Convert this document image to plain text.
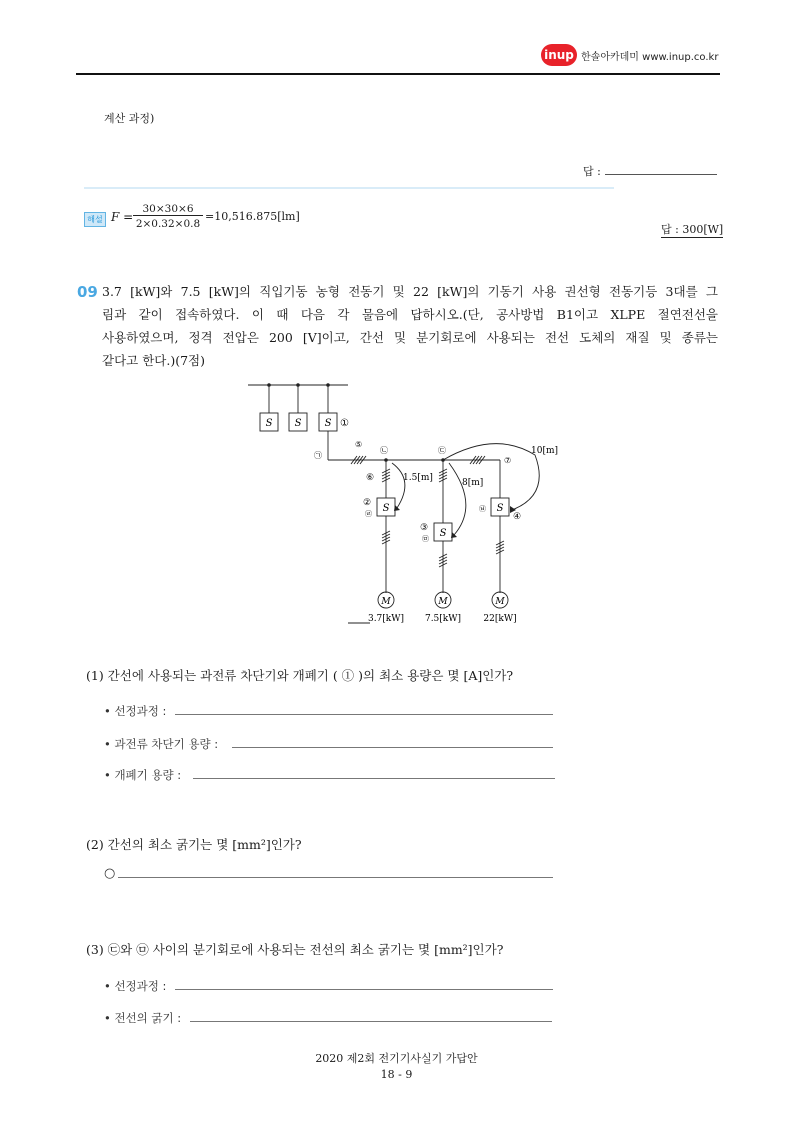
inup 한솔아카데미 www.inup.co.kr
계산 과정)
답 :
해설 F =
30×30×6
2×0.32×0.8
=10,516.875[lm]
답 : 300[W]
09 3.7 [kW]와 7.5 [kW]의 직입기동 농형 전동기 및 22 [kW]의 기동기 사용 권선형 전동기등 3대를 그
림과 같이 접속하였다. 이 때 다음 각 물음에 답하시오.(단, 공사방법 B1이고 XLPE 절연전선을
사용하였으며, 정격 전압은 200 [V]이고, 간선 및 분기회로에 사용되는 전선 도체의 재질 및 종류는
같다고 한다.)(7점)
S S S
S
S
S
M	M	M
3.7[kW] 7.5[kW] 22[kW]
①
②
③
④
⑤
⑥
⑦
㉠
㉡	㉢
㉣
㉤
㉥
1.5[m]	8[m]
10[m]
(1) 간선에 사용되는 과전류 차단기와 개폐기 ( ① )의 최소 용량은 몇 [A]인가?
• 선정과정 :
• 과전류 차단기 용량 :
• 개폐기 용량 :
(2) 간선의 최소 굵기는 몇 [mm²]인가?
○
(3) ㉢와 ㉤ 사이의 분기회로에 사용되는 전선의 최소 굵기는 몇 [mm²]인가?
• 선정과정 :
• 전선의 굵기 :
2020 제2회 전기기사실기 가답안
18 - 9
